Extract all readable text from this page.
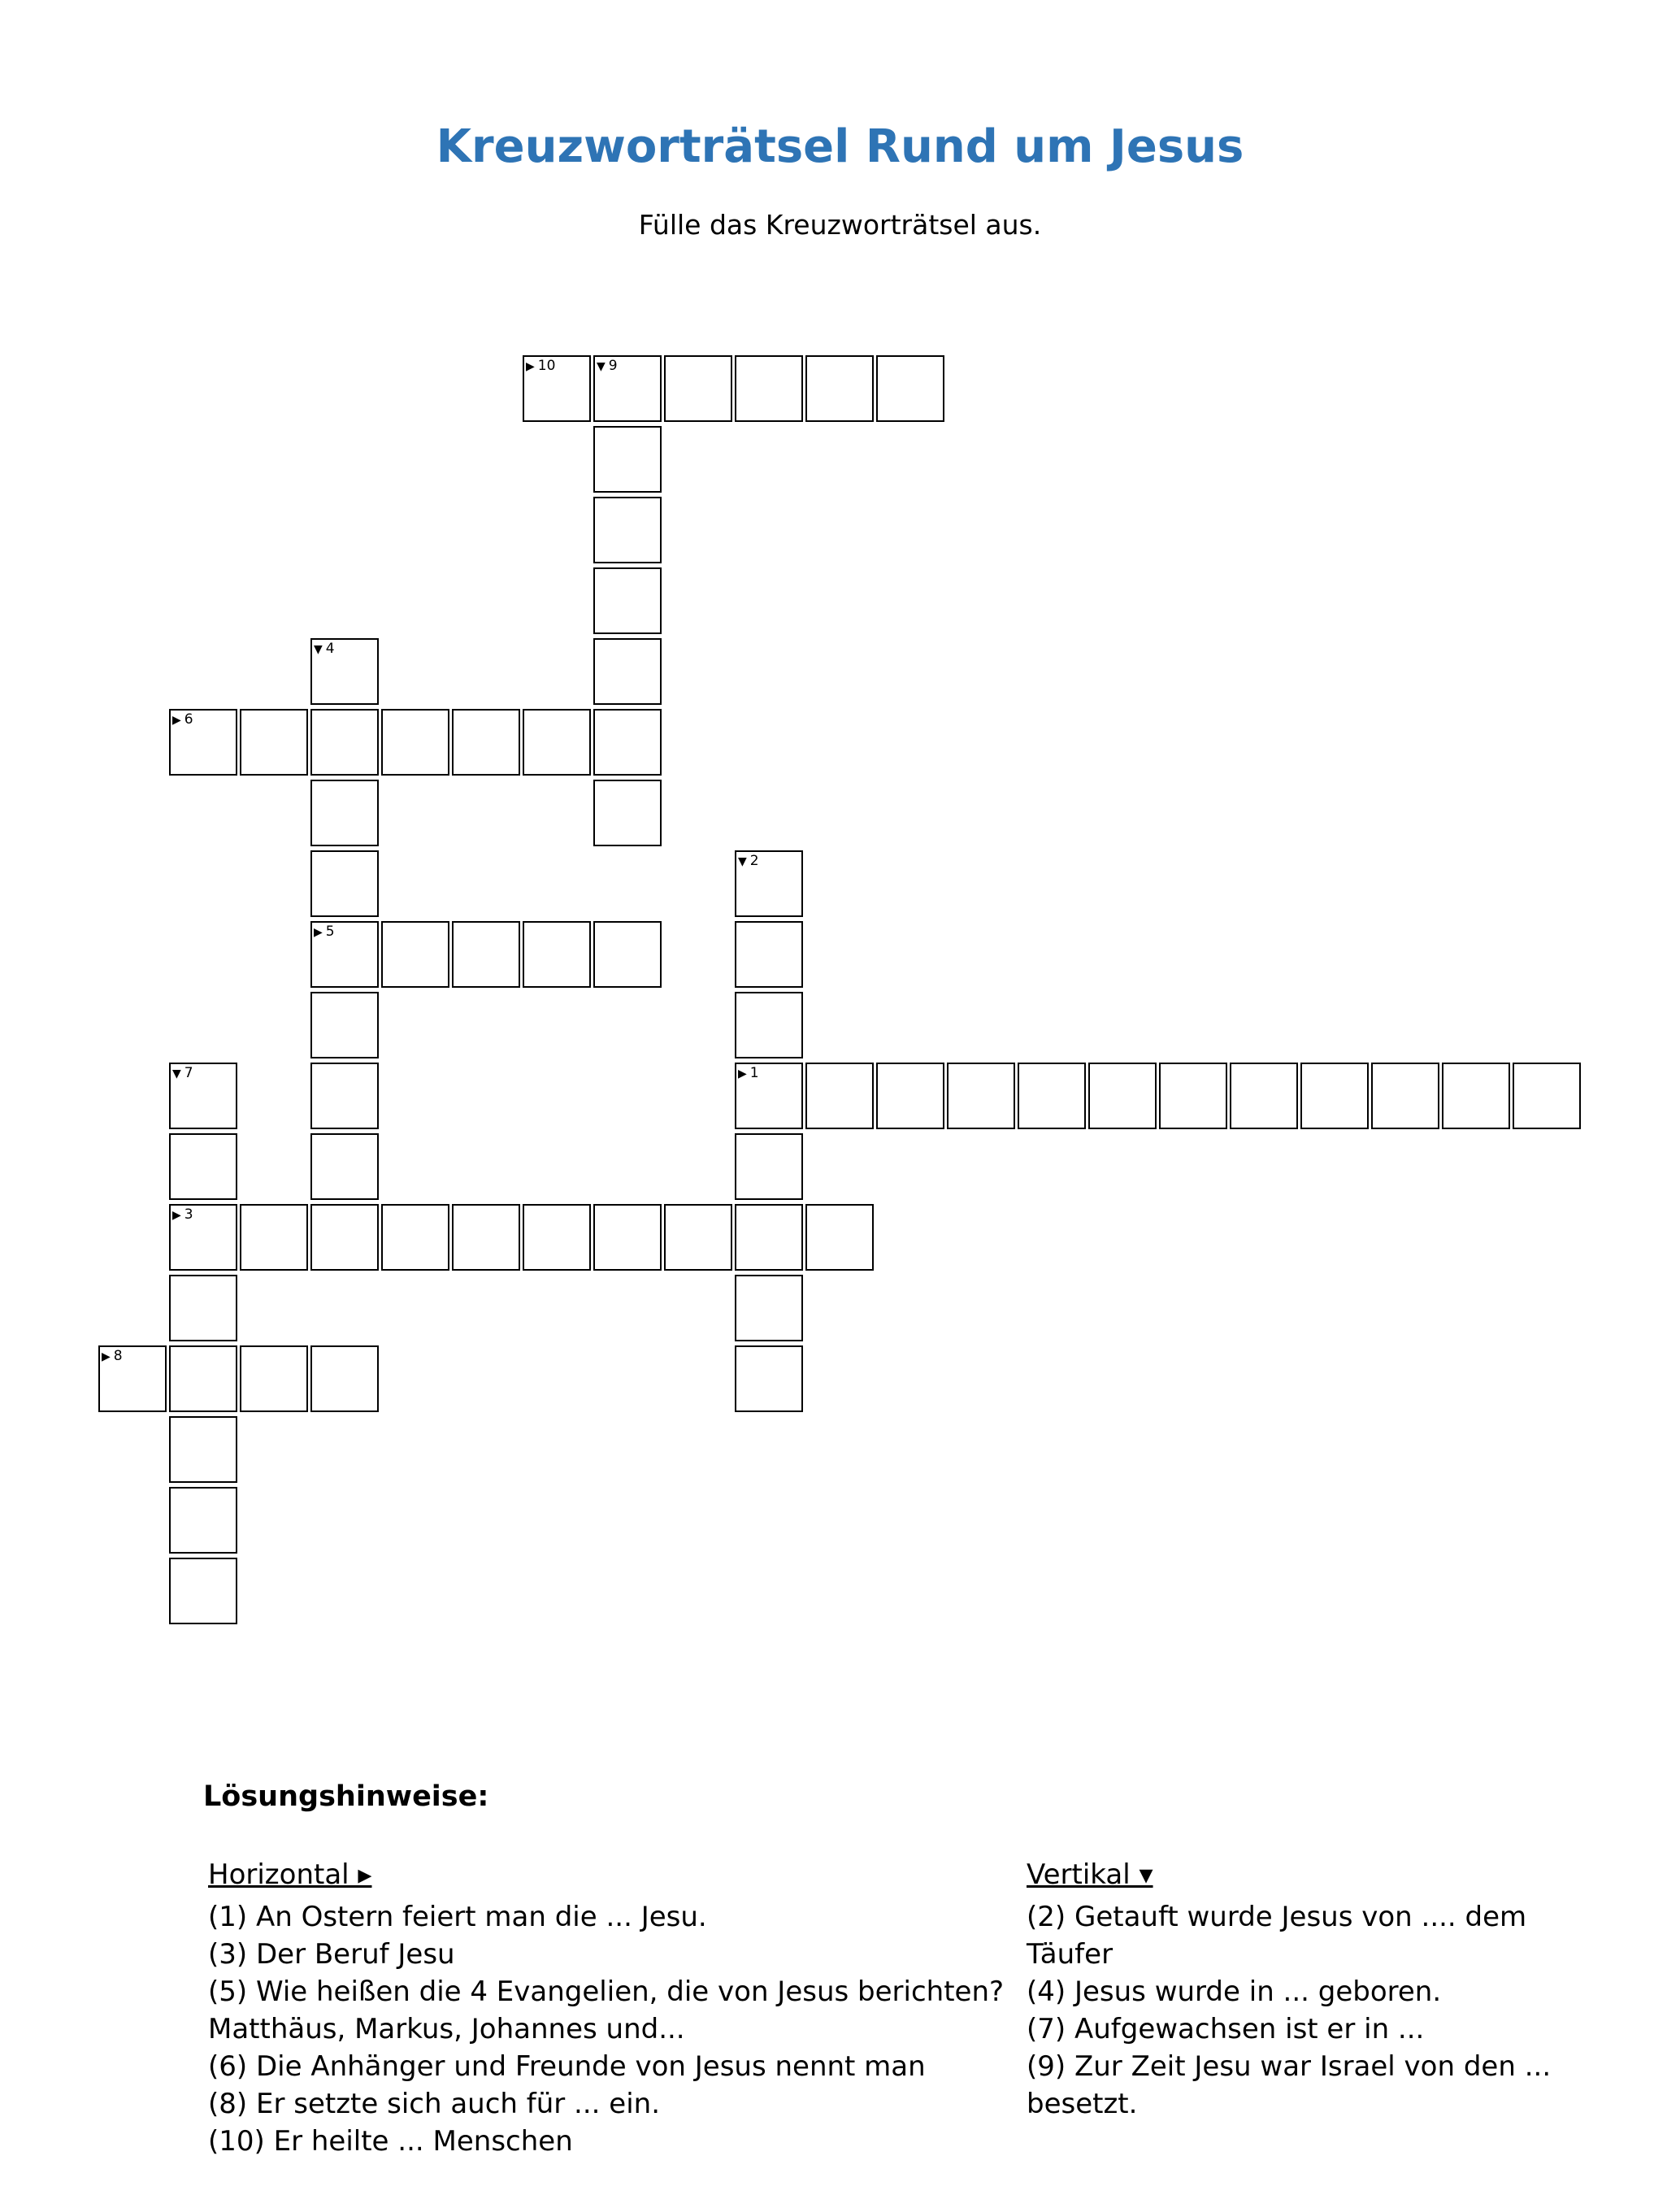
Kreuzworträtsel Rund um Jesus
Fülle das Kreuzworträtsel aus.
▶ 1
▼ 2
▶ 3
▼ 4
▶ 5
▶ 6
▼ 7
▶ 8
▼ 9
▶ 10
Lösungshinweise:
Horizontal ▸

(1) An Ostern feiert man die ... Jesu.

(3) Der Beruf Jesu

(5) Wie heißen die 4 Evangelien, die von Jesus berichten? Matthäus, Markus, Johannes und...

(6) Die Anhänger und Freunde von Jesus nennt man

(8) Er setzte sich auch für ... ein.

(10) Er heilte ... Menschen

Vertikal ▾

(2) Getauft wurde Jesus von .... dem Täufer

(4) Jesus wurde in ... geboren.

(7) Aufgewachsen ist er in ...

(9) Zur Zeit Jesu war Israel von den ... besetzt.
